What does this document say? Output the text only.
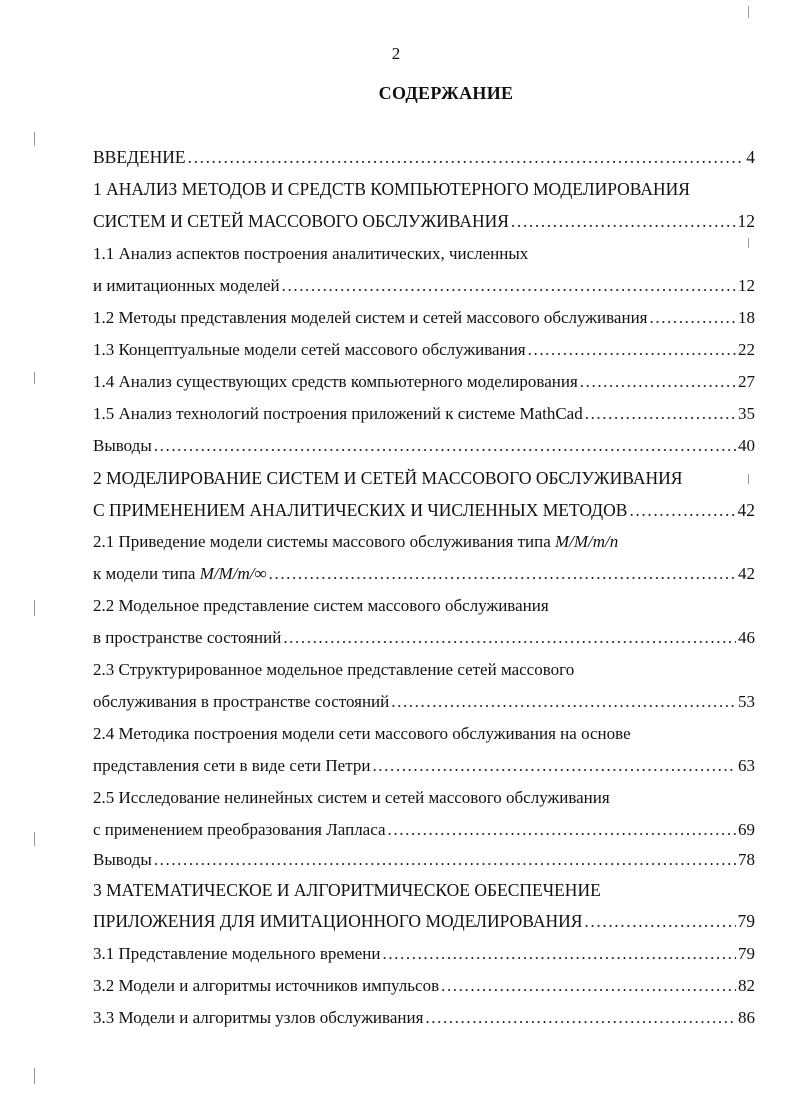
2
СОДЕРЖАНИЕ
ВВЕДЕНИЕ .....	4
1 АНАЛИЗ МЕТОДОВ И СРЕДСТВ КОМПЬЮТЕРНОГО МОДЕЛИРОВАНИЯ
СИСТЕМ И СЕТЕЙ МАССОВОГО ОБСЛУЖИВАНИЯ .....	12
1.1 Анализ аспектов построения аналитических, численных
и имитационных моделей .....	12
1.2 Методы представления моделей систем и сетей массового обслуживания .....	18
1.3 Концептуальные модели сетей массового обслуживания .....	22
1.4 Анализ существующих средств компьютерного моделирования .....	27
1.5 Анализ технологий построения приложений к системе MathCad .....	35
Выводы .....	40
2 МОДЕЛИРОВАНИЕ СИСТЕМ И СЕТЕЙ МАССОВОГО ОБСЛУЖИВАНИЯ
С ПРИМЕНЕНИЕМ АНАЛИТИЧЕСКИХ И ЧИСЛЕННЫХ МЕТОДОВ .....	42
2.1 Приведение модели системы массового обслуживания типа M/M/m/n
к модели типа M/M/m/∞ .....	42
2.2 Модельное представление систем массового обслуживания
в пространстве состояний .....	46
2.3 Структурированное модельное представление сетей массового
обслуживания в пространстве состояний .....	53
2.4 Методика построения модели сети массового обслуживания на основе
представления сети в виде сети Петри .....	63
2.5 Исследование нелинейных систем и сетей массового обслуживания
с применением преобразования Лапласа .....	69
Выводы .....	78
3 МАТЕМАТИЧЕСКОЕ И АЛГОРИТМИЧЕСКОЕ ОБЕСПЕЧЕНИЕ
ПРИЛОЖЕНИЯ ДЛЯ ИМИТАЦИОННОГО МОДЕЛИРОВАНИЯ .....	79
3.1 Представление модельного времени .....	79
3.2 Модели и алгоритмы источников импульсов .....	82
3.3 Модели и алгоритмы узлов обслуживания .....	86
